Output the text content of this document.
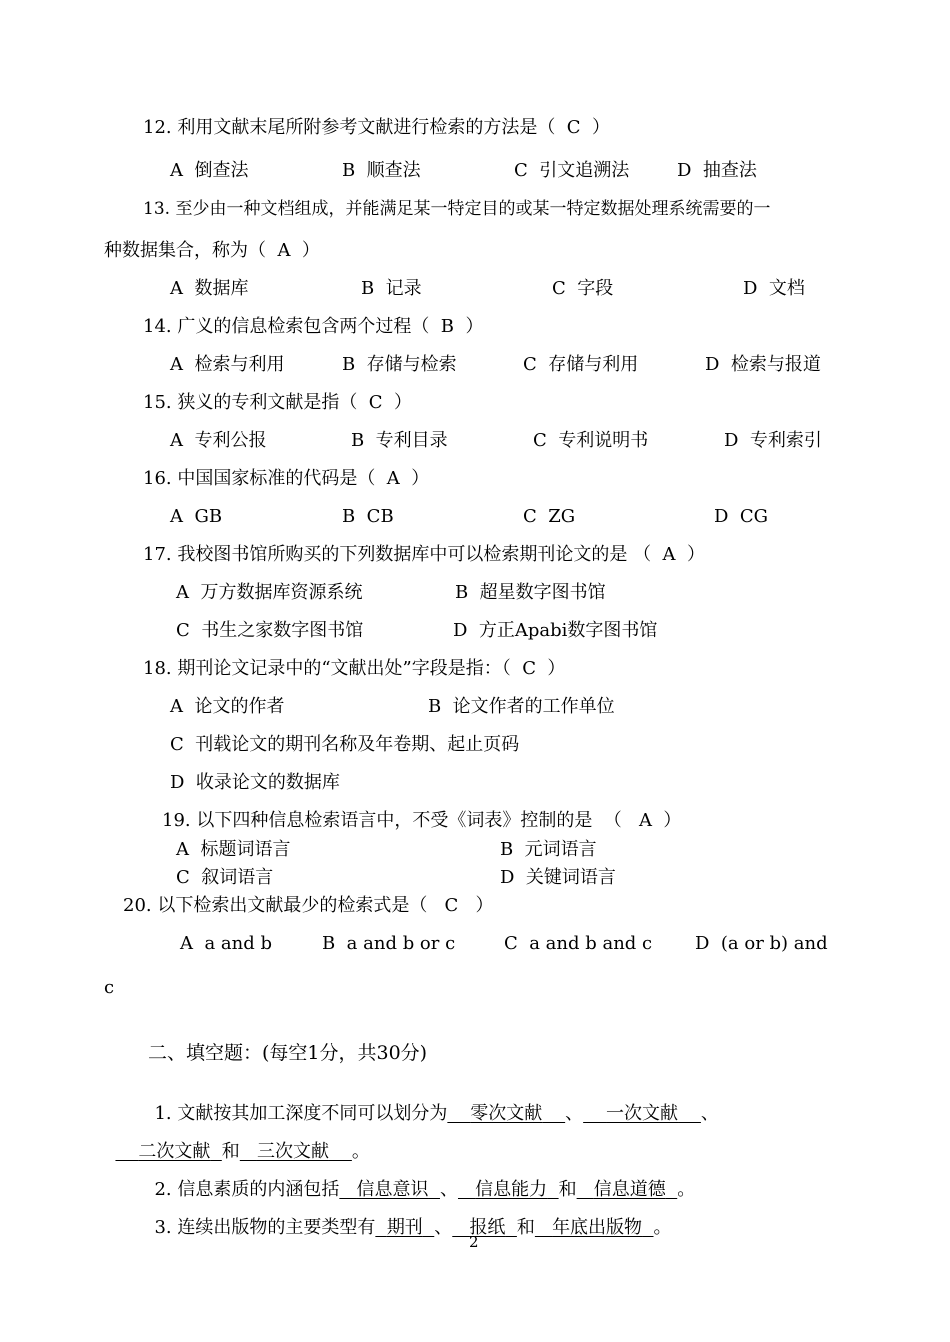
12. 利用文献末尾所附参考文献进行检索的方法是（  C  ）
A  倒查法	B  顺查法	C  引文追溯法	D  抽查法
13. 至少由一种文档组成，并能满足某一特定目的或某一特定数据处理系统需要的一
种数据集合，称为（  A  ）
A  数据库	B  记录	C  字段	D  文档
14. 广义的信息检索包含两个过程（  B  ）
A  检索与利用	B  存储与检索	C  存储与利用	D  检索与报道
15. 狭义的专利文献是指（  C  ）
A  专利公报	B  专利目录	C  专利说明书	D  专利索引
16. 中国国家标准的代码是（  A  ）
A  GB	B  CB	C  ZG	D  CG
17. 我校图书馆所购买的下列数据库中可以检索期刊论文的是 （  A  ）
A  万方数据库资源系统	B  超星数字图书馆
C  书生之家数字图书馆	D  方正Apabi数字图书馆
18. 期刊论文记录中的“文献出处”字段是指：（  C  ）
A  论文的作者	B  论文作者的工作单位
C  刊载论文的期刊名称及年卷期、起止页码
D  收录论文的数据库
19. 以下四种信息检索语言中，不受《词表》控制的是  （   A  ）
A  标题词语言	B  元词语言
C  叙词语言	D  关键词语言
20. 以下检索出文献最少的检索式是（   C   ）
A  a and b	B  a and b or c	C  a and b and c D  (a or b) and
c
二、填空题：(每空1分，共30分)

1. 文献按其加工深度不同可以划分为 零次文献 、 一次文献 、

二次文献 和 三次文献 。

2. 信息素质的内涵包括 信息意识 、 信息能力 和 信息道德 。

3. 连续出版物的主要类型有 期刊 、 报纸 和 年底出版物 。

2
